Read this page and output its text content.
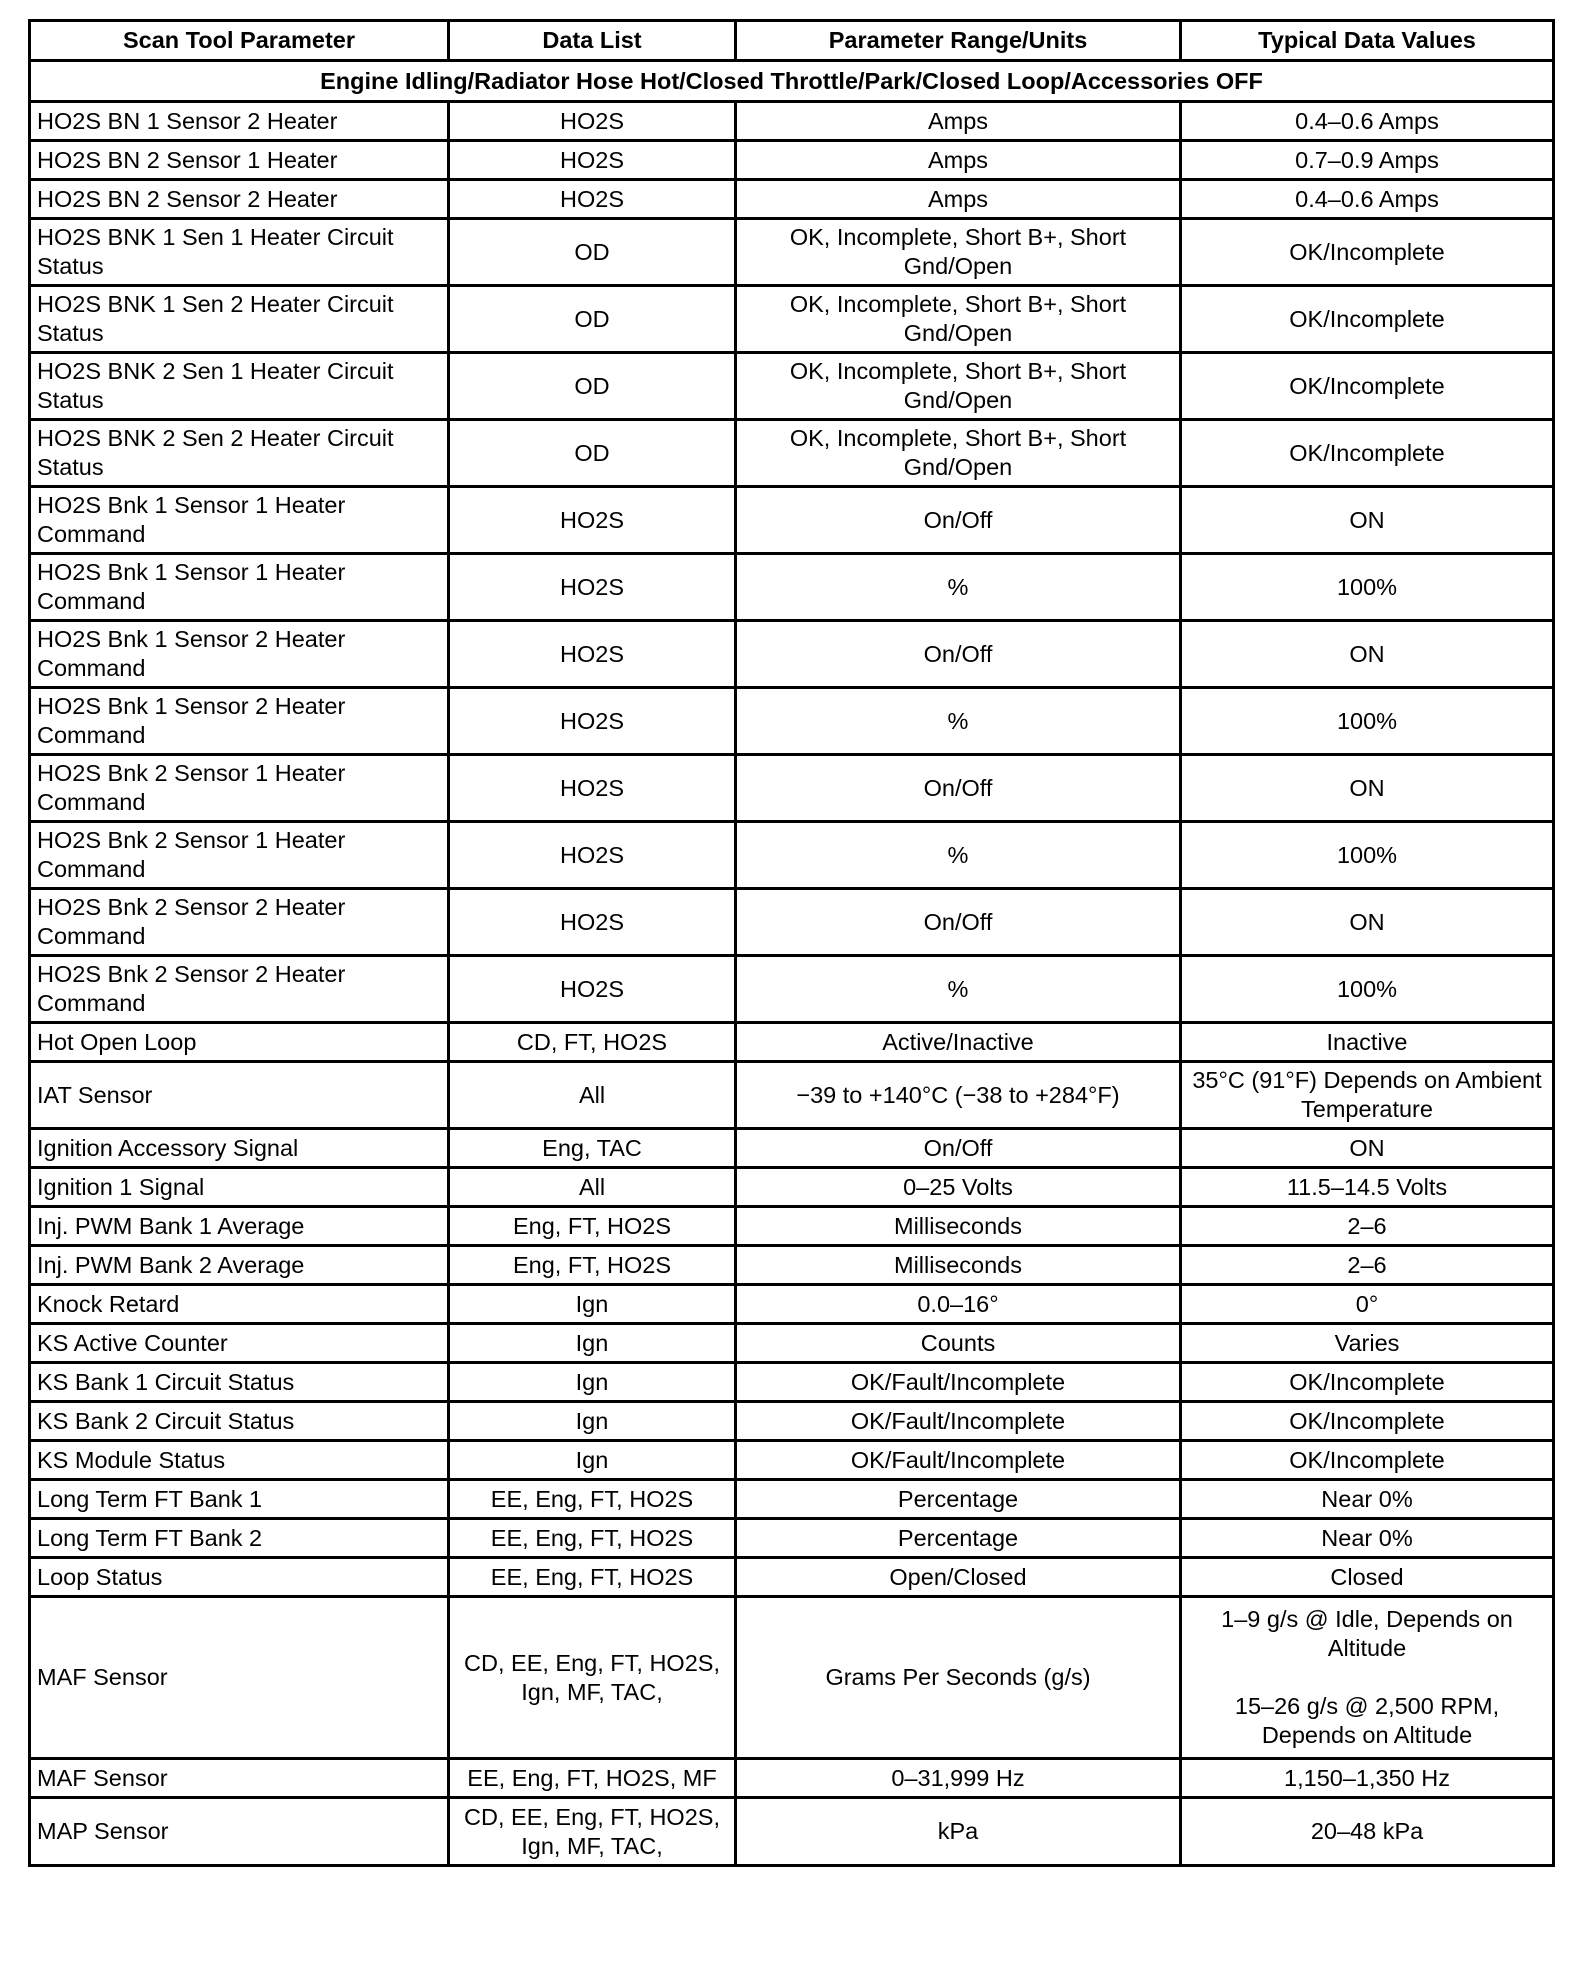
Scan Tool Parameter	Data List	Parameter Range/Units	Typical Data Values
Engine Idling/Radiator Hose Hot/Closed Throttle/Park/Closed Loop/Accessories OFF			
HO2S BN 1 Sensor 2 Heater	HO2S	Amps	0.4–0.6 Amps
HO2S BN 2 Sensor 1 Heater	HO2S	Amps	0.7–0.9 Amps
HO2S BN 2 Sensor 2 Heater	HO2S	Amps	0.4–0.6 Amps
HO2S BNK 1 Sen 1 Heater Circuit Status	OD	OK, Incomplete, Short B+, Short Gnd/Open	OK/Incomplete
HO2S BNK 1 Sen 2 Heater Circuit Status	OD	OK, Incomplete, Short B+, Short Gnd/Open	OK/Incomplete
HO2S BNK 2 Sen 1 Heater Circuit Status	OD	OK, Incomplete, Short B+, Short Gnd/Open	OK/Incomplete
HO2S BNK 2 Sen 2 Heater Circuit Status	OD	OK, Incomplete, Short B+, Short Gnd/Open	OK/Incomplete
HO2S Bnk 1 Sensor 1 Heater Command	HO2S	On/Off	ON
HO2S Bnk 1 Sensor 1 Heater Command	HO2S	%	100%
HO2S Bnk 1 Sensor 2 Heater Command	HO2S	On/Off	ON
HO2S Bnk 1 Sensor 2 Heater Command	HO2S	%	100%
HO2S Bnk 2 Sensor 1 Heater Command	HO2S	On/Off	ON
HO2S Bnk 2 Sensor 1 Heater Command	HO2S	%	100%
HO2S Bnk 2 Sensor 2 Heater Command	HO2S	On/Off	ON
HO2S Bnk 2 Sensor 2 Heater Command	HO2S	%	100%
Hot Open Loop	CD, FT, HO2S	Active/Inactive	Inactive
IAT Sensor	All	−39 to +140°C (−38 to +284°F)	35°C (91°F) Depends on Ambient Temperature
Ignition Accessory Signal	Eng, TAC	On/Off	ON
Ignition 1 Signal	All	0–25 Volts	11.5–14.5 Volts
Inj. PWM Bank 1 Average	Eng, FT, HO2S	Milliseconds	2–6
Inj. PWM Bank 2 Average	Eng, FT, HO2S	Milliseconds	2–6
Knock Retard	Ign	0.0–16°	0°
KS Active Counter	Ign	Counts	Varies
KS Bank 1 Circuit Status	Ign	OK/Fault/Incomplete	OK/Incomplete
KS Bank 2 Circuit Status	Ign	OK/Fault/Incomplete	OK/Incomplete
KS Module Status	Ign	OK/Fault/Incomplete	OK/Incomplete
Long Term FT Bank 1	EE, Eng, FT, HO2S	Percentage	Near 0%
Long Term FT Bank 2	EE, Eng, FT, HO2S	Percentage	Near 0%
Loop Status	EE, Eng, FT, HO2S	Open/Closed	Closed
MAF Sensor	CD, EE, Eng, FT, HO2S, Ign, MF, TAC,	Grams Per Seconds (g/s)	1–9 g/s @ Idle, Depends on Altitude
15–26 g/s @ 2,500 RPM, Depends on Altitude

MAF Sensor	EE, Eng, FT, HO2S, MF	0–31,999 Hz	1,150–1,350 Hz
MAP Sensor	CD, EE, Eng, FT, HO2S, Ign, MF, TAC,	kPa	20–48 kPa
